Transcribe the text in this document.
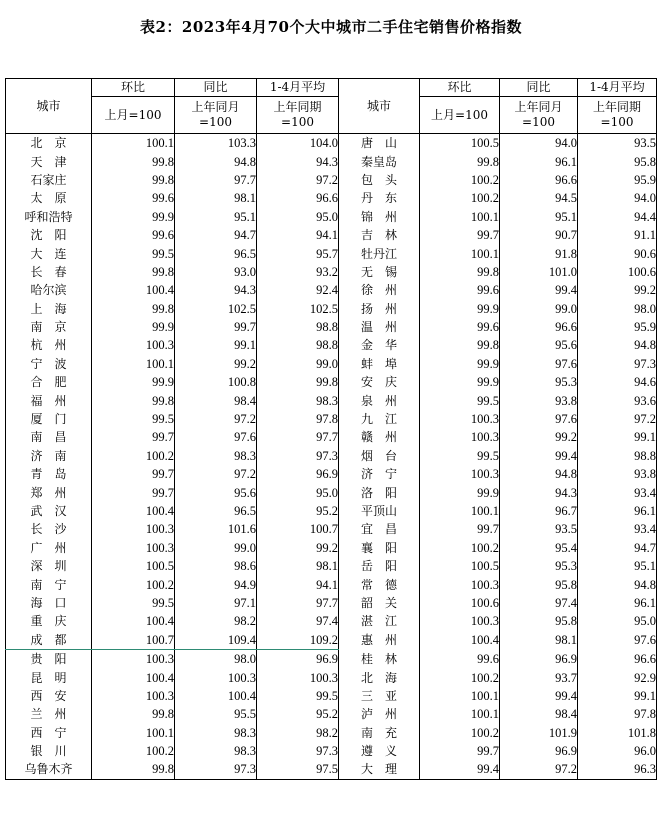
表2：2023年4月70个大中城市二手住宅销售价格指数
城市	环比	同比	1-4月平均	城市	环比	同比	1-4月平均
	上月=100	上年同月=100	上年同期=100		上月=100	上年同月=100	上年同期=100
北　京	100.1	103.3	104.0	唐　山	100.5	94.0	93.5
天　津	99.8	94.8	94.3	秦皇岛	99.8	96.1	95.8
石家庄	99.8	97.7	97.2	包　头	100.2	96.6	95.9
太　原	99.6	98.1	96.6	丹　东	100.2	94.5	94.0
呼和浩特	99.9	95.1	95.0	锦　州	100.1	95.1	94.4
沈　阳	99.6	94.7	94.1	吉　林	99.7	90.7	91.1
大　连	99.5	96.5	95.7	牡丹江	100.1	91.8	90.6
长　春	99.8	93.0	93.2	无　锡	99.8	101.0	100.6
哈尔滨	100.4	94.3	92.4	徐　州	99.6	99.4	99.2
上　海	99.8	102.5	102.5	扬　州	99.9	99.0	98.0
南　京	99.9	99.7	98.8	温　州	99.6	96.6	95.9
杭　州	100.3	99.1	98.8	金　华	99.8	95.6	94.8
宁　波	100.1	99.2	99.0	蚌　埠	99.9	97.6	97.3
合　肥	99.9	100.8	99.8	安　庆	99.9	95.3	94.6
福　州	99.8	98.4	98.3	泉　州	99.5	93.8	93.6
厦　门	99.5	97.2	97.8	九　江	100.3	97.6	97.2
南　昌	99.7	97.6	97.7	赣　州	100.3	99.2	99.1
济　南	100.2	98.3	97.3	烟　台	99.5	99.4	98.8
青　岛	99.7	97.2	96.9	济　宁	100.3	94.8	93.8
郑　州	99.7	95.6	95.0	洛　阳	99.9	94.3	93.4
武　汉	100.4	96.5	95.2	平顶山	100.1	96.7	96.1
长　沙	100.3	101.6	100.7	宜　昌	99.7	93.5	93.4
广　州	100.3	99.0	99.2	襄　阳	100.2	95.4	94.7
深　圳	100.5	98.6	98.1	岳　阳	100.5	95.3	95.1
南　宁	100.2	94.9	94.1	常　德	100.3	95.8	94.8
海　口	99.5	97.1	97.7	韶　关	100.6	97.4	96.1
重　庆	100.4	98.2	97.4	湛　江	100.3	95.8	95.0
成　都	100.7	109.4	109.2	惠　州	100.4	98.1	97.6
贵　阳	100.3	98.0	96.9	桂　林	99.6	96.9	96.6
昆　明	100.4	100.3	100.3	北　海	100.2	93.7	92.9
西　安	100.3	100.4	99.5	三　亚	100.1	99.4	99.1
兰　州	99.8	95.5	95.2	泸　州	100.1	98.4	97.8
西　宁	100.1	98.3	98.2	南　充	100.2	101.9	101.8
银　川	100.2	98.3	97.3	遵　义	99.7	96.9	96.0
乌鲁木齐	99.8	97.3	97.5	大　理	99.4	97.2	96.3
